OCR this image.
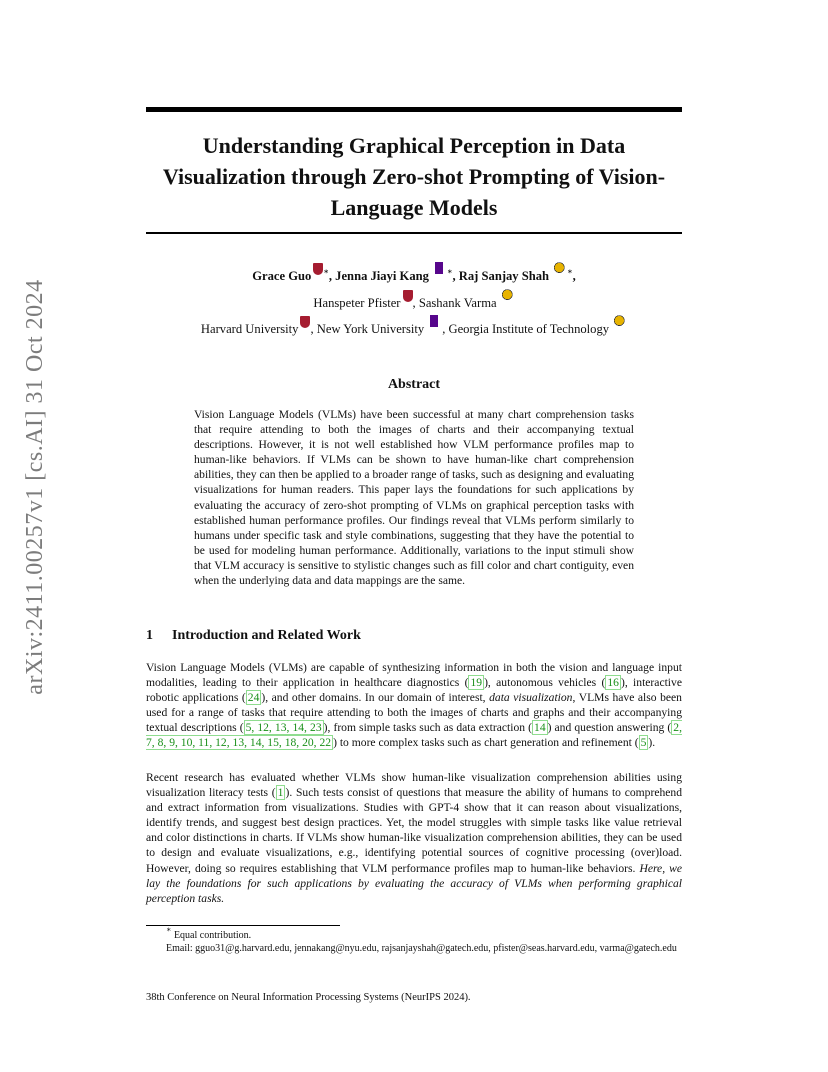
arXiv:2411.00257v1 [cs.AI] 31 Oct 2024
Understanding Graphical Perception in Data Visualization through Zero-shot Prompting of Vision-Language Models
Grace Guo ∗, Jenna Jiayi Kang ∗, Raj Sanjay Shah ∗,
Hanspeter Pfister , Sashank Varma
Harvard University , New York University , Georgia Institute of Technology
Abstract
Vision Language Models (VLMs) have been successful at many chart comprehension tasks that require attending to both the images of charts and their accompanying textual descriptions. However, it is not well established how VLM performance profiles map to human-like behaviors. If VLMs can be shown to have human-like chart comprehension abilities, they can then be applied to a broader range of tasks, such as designing and evaluating visualizations for human readers. This paper lays the foundations for such applications by evaluating the accuracy of zero-shot prompting of VLMs on graphical perception tasks with established human performance profiles. Our findings reveal that VLMs perform similarly to humans under specific task and style combinations, suggesting that they have the potential to be used for modeling human performance. Additionally, variations to the input stimuli show that VLM accuracy is sensitive to stylistic changes such as fill color and chart contiguity, even when the underlying data and data mappings are the same.
1 Introduction and Related Work
Vision Language Models (VLMs) are capable of synthesizing information in both the vision and language input modalities, leading to their application in healthcare diagnostics ( 19 ), autonomous vehicles ( 16 ), interactive robotic applications ( 24 ), and other domains. In our domain of interest, data visualization, VLMs have also been used for a range of tasks that require attending to both the images of charts and graphs and their accompanying textual descriptions ( 5, 12, 13, 14, 23 ), from simple tasks such as data extraction ( 14 ) and question answering ( 2, 7, 8, 9, 10, 11, 12, 13, 14, 15, 18, 20, 22 ) to more complex tasks such as chart generation and refinement ( 5 ).
Recent research has evaluated whether VLMs show human-like visualization comprehension abilities using visualization literacy tests ( 1 ). Such tests consist of questions that measure the ability of humans to comprehend and extract information from visualizations. Studies with GPT-4 show that it can reason about visualizations, identify trends, and suggest best design practices. Yet, the model struggles with simple tasks like value retrieval and color distinctions in charts. If VLMs show human-like visualization comprehension abilities, they can be used to design and evaluate visualizations, e.g., identifying potential sources of cognitive processing (over)load. However, doing so requires establishing that VLM performance profiles map to human-like behaviors. Here, we lay the foundations for such applications by evaluating the accuracy of VLMs when performing graphical perception tasks.
∗ Equal contribution.
Email: gguo31@g.harvard.edu, jennakang@nyu.edu, rajsanjayshah@gatech.edu, pfister@seas.harvard.edu, varma@gatech.edu
38th Conference on Neural Information Processing Systems (NeurIPS 2024).
